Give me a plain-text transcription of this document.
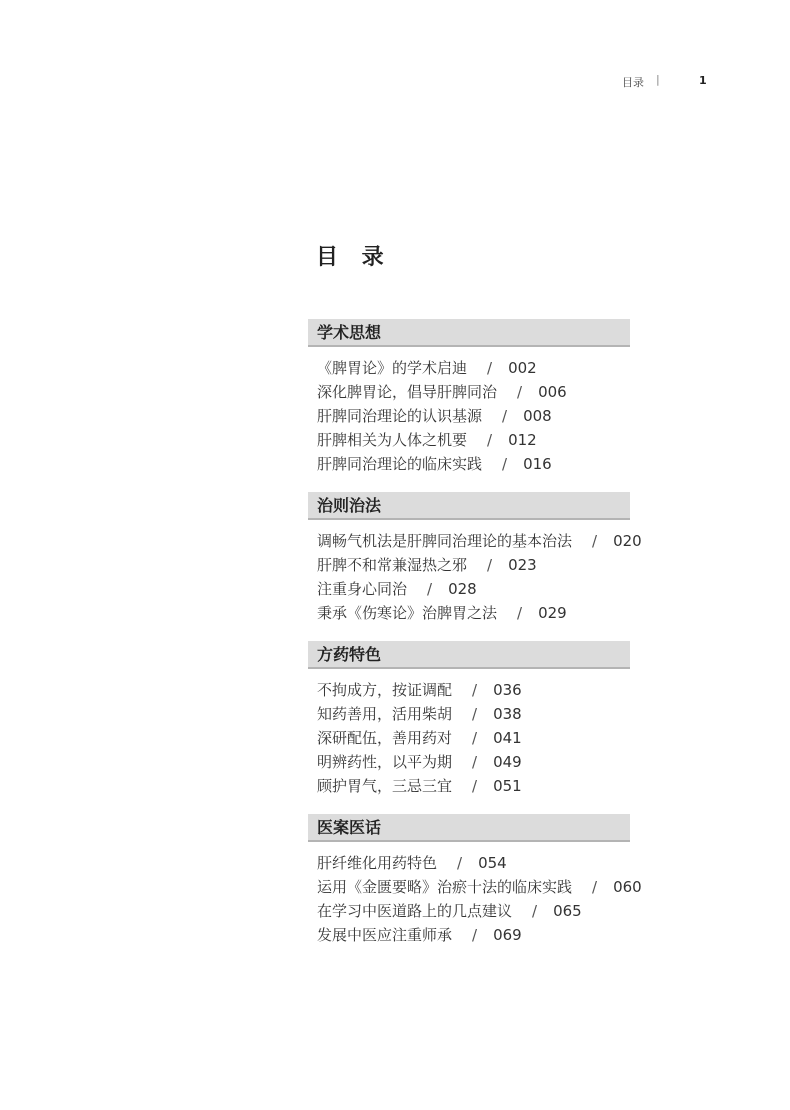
目录 |	1
目 录
学术思想
《脾胃论》的学术启迪 / 002
深化脾胃论，倡导肝脾同治 / 006
肝脾同治理论的认识基源 / 008
肝脾相关为人体之机要 / 012
肝脾同治理论的临床实践 / 016
治则治法
调畅气机法是肝脾同治理论的基本治法 / 020
肝脾不和常兼湿热之邪 / 023
注重身心同治 / 028
秉承《伤寒论》治脾胃之法 / 029
方药特色
不拘成方，按证调配 / 036
知药善用，活用柴胡 / 038
深研配伍，善用药对 / 041
明辨药性，以平为期 / 049
顾护胃气，三忌三宜 / 051
医案医话
肝纤维化用药特色 / 054
运用《金匮要略》治瘀十法的临床实践 / 060
在学习中医道路上的几点建议 / 065
发展中医应注重师承 / 069
